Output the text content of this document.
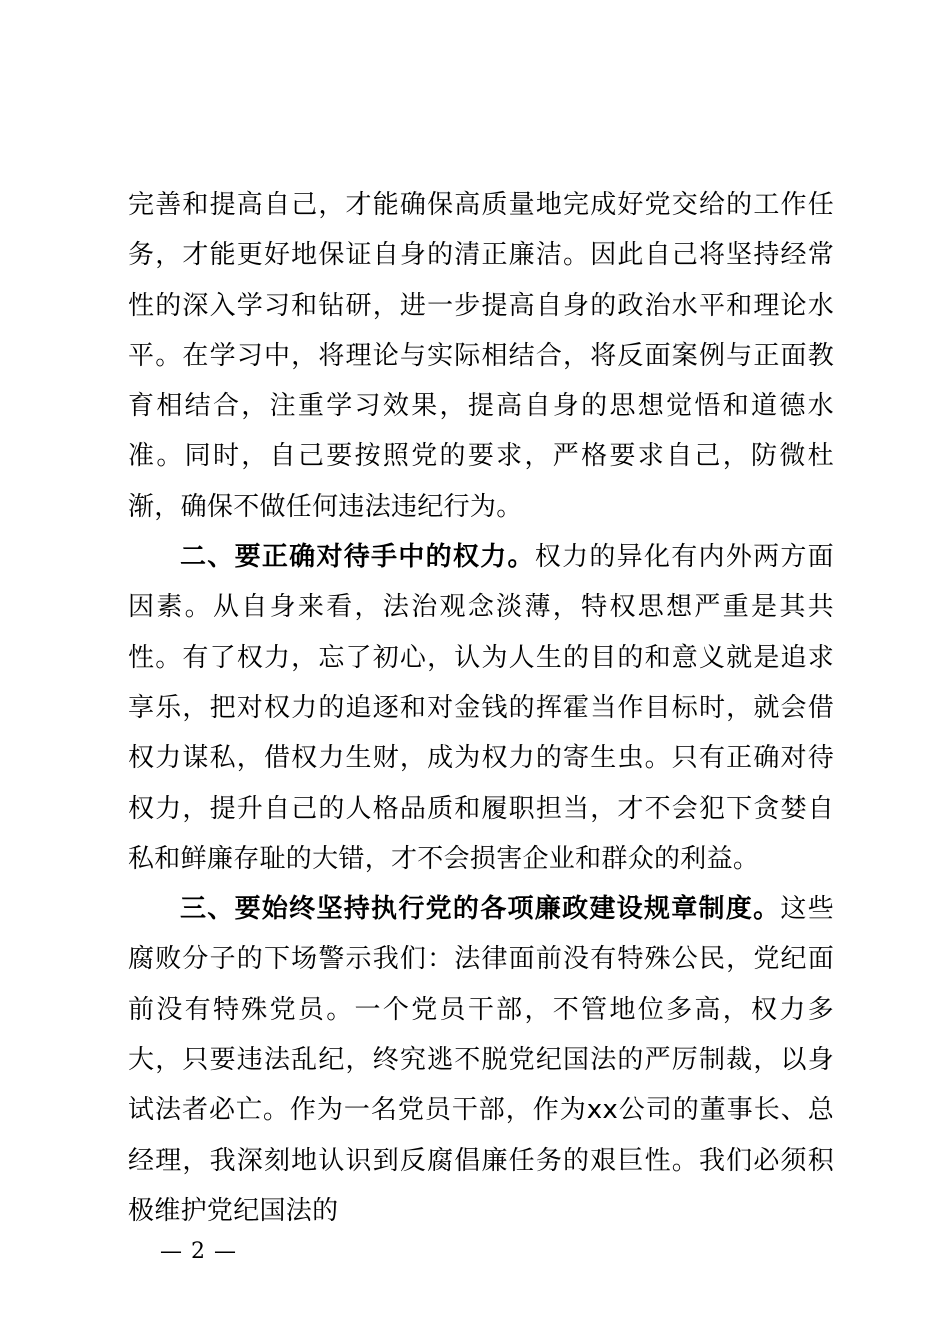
完善和提高自己，才能确保高质量地完成好党交给的工作任务，才能更好地保证自身的清正廉洁。因此自己将坚持经常性的深入学习和钻研，进一步提高自身的政治水平和理论水平。在学习中，将理论与实际相结合，将反面案例与正面教育相结合，注重学习效果，提高自身的思想觉悟和道德水准。同时，自己要按照党的要求，严格要求自己，防微杜渐，确保不做任何违法违纪行为。

二、要正确对待手中的权力。权力的异化有内外两方面因素。从自身来看，法治观念淡薄，特权思想严重是其共性。有了权力，忘了初心，认为人生的目的和意义就是追求享乐，把对权力的追逐和对金钱的挥霍当作目标时，就会借权力谋私，借权力生财，成为权力的寄生虫。只有正确对待权力，提升自己的人格品质和履职担当，才不会犯下贪婪自私和鲜廉存耻的大错，才不会损害企业和群众的利益。

三、要始终坚持执行党的各项廉政建设规章制度。这些腐败分子的下场警示我们：法律面前没有特殊公民，党纪面前没有特殊党员。一个党员干部，不管地位多高，权力多大，只要违法乱纪，终究逃不脱党纪国法的严厉制裁，以身试法者必亡。作为一名党员干部，作为xx公司的董事长、总经理，我深刻地认识到反腐倡廉任务的艰巨性。我们必须积极维护党纪国法的

— 2 —
